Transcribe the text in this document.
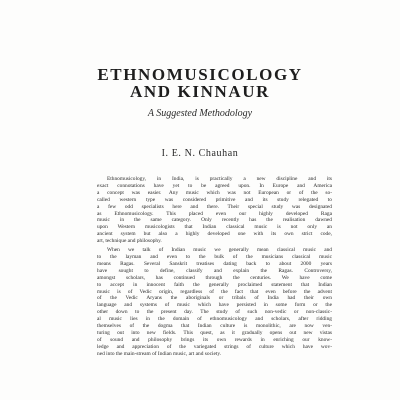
ETHNOMUSICOLOGY
AND KINNAUR
A Suggested Methodology
I. E. N. Chauhan
Ethnomusicology, in India, is practically a new discipline and its
exact connotations have yet to be agreed upon. In Europe and America
a concept was easier. Any music which was not European or of the so-
called western type was considered primitive and its study relegated to
a few odd specialists here and there. Their special study was designated
as Ethnomusicology. This placed even our highly developed Raga
music in the same category. Only recently has the realisation dawned
upon Western musicologists that Indian classical music is not only an
ancient system but also a highly developed one with its own strict code,
art, technique and philosophy.
When we talk of Indian music we generally mean classical music and
to the layman and even to the bulk of the musicians classical music
means Ragas. Several Sanskrit treatises dating back to about 2000 years
have sought to define, classify and explain the Ragas. Controversy,
amongst scholars, has continued through the centuries. We have come
to accept in innocent faith the generally proclaimed statement that Indian
music is of Vedic origin, regardless of the fact that even before the advent
of the Vedic Aryans the aboriginals or tribals of India had their own
language and systems of music which have persisted in some form or the
other down to the present day. The study of such non-vedic or non-classic-
al music lies in the domain of ethnomusicology and scholars, after ridding
themselves of the dogma that Indian culture is monolithic, are now ven-
turing out into new fields. This quest, as it gradually opens out new vistas
of sound and philosophy brings its own rewards in enriching our know-
ledge and appreciation of the variegated strings of culture which have wov-
ned into the main-stream of Indian music, art and society.
